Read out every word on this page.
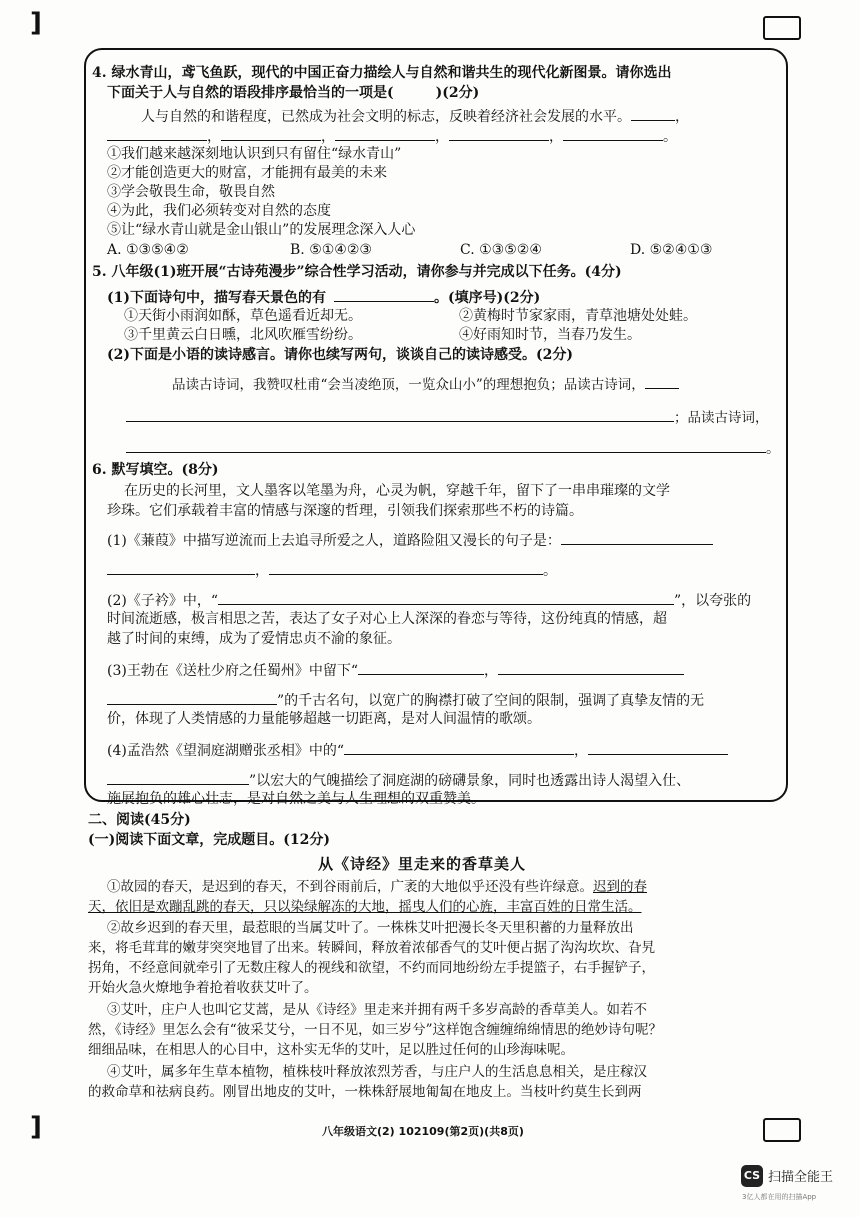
]
]
4. 绿水青山，鸢飞鱼跃，现代的中国正奋力描绘人与自然和谐共生的现代化新图景。请你选出
下面关于人与自然的语段排序最恰当的一项是(　　　)(2分)
人与自然的和谐程度，已然成为社会文明的标志，反映着经济社会发展的水平。	，
，	，	，	，	。
①我们越来越深刻地认识到只有留住“绿水青山”
②才能创造更大的财富，才能拥有最美的未来
③学会敬畏生命，敬畏自然
④为此，我们必须转变对自然的态度
⑤让“绿水青山就是金山银山”的发展理念深入人心
A. ①③⑤④②	B. ⑤①④②③	C. ①③⑤②④	D. ⑤②④①③
5. 八年级(1)班开展“古诗苑漫步”综合性学习活动，请你参与并完成以下任务。(4分)
(1)下面诗句中，描写春天景色的有	。(填序号)(2分)
①天街小雨润如酥，草色遥看近却无。	②黄梅时节家家雨，青草池塘处处蛙。
③千里黄云白日曛，北风吹雁雪纷纷。	④好雨知时节，当春乃发生。
(2)下面是小语的读诗感言。请你也续写两句，谈谈自己的读诗感受。(2分)
品读古诗词，我赞叹杜甫“会当凌绝顶，一览众山小”的理想抱负；品读古诗词，
；品读古诗词，
。
6. 默写填空。(8分)
在历史的长河里，文人墨客以笔墨为舟，心灵为帆，穿越千年，留下了一串串璀璨的文学
珍珠。它们承载着丰富的情感与深邃的哲理，引领我们探索那些不朽的诗篇。
(1)《蒹葭》中描写逆流而上去追寻所爱之人，道路险阻又漫长的句子是：
，	。
(2)《子衿》中，“	”，以夸张的
时间流逝感，极言相思之苦，表达了女子对心上人深深的眷恋与等待，这份纯真的情感，超
越了时间的束缚，成为了爱情忠贞不渝的象征。
(3)王勃在《送杜少府之任蜀州》中留下“	，
”的千古名句，以宽广的胸襟打破了空间的限制，强调了真挚友情的无
价，体现了人类情感的力量能够超越一切距离，是对人间温情的歌颂。
(4)孟浩然《望洞庭湖赠张丞相》中的“	，
”以宏大的气魄描绘了洞庭湖的磅礴景象，同时也透露出诗人渴望入仕、
施展抱负的雄心壮志，是对自然之美与人生理想的双重赞美。
二、阅读(45分)
(一)阅读下面文章，完成题目。(12分)
从《诗经》里走来的香草美人
①故园的春天，是迟到的春天，不到谷雨前后，广袤的大地似乎还没有些许绿意。迟到的春
天，依旧是欢蹦乱跳的春天，只以染绿解冻的大地，摇曳人们的心旌，丰富百姓的日常生活。
②故乡迟到的春天里，最惹眼的当属艾叶了。一株株艾叶把漫长冬天里积蓄的力量释放出
来，将毛茸茸的嫩芽突突地冒了出来。转瞬间，释放着浓郁香气的艾叶便占据了沟沟坎坎、旮旯
拐角，不经意间就牵引了无数庄稼人的视线和欲望，不约而同地纷纷左手提篮子，右手握铲子，
开始火急火燎地争着抢着收获艾叶了。
③艾叶，庄户人也叫它艾蒿，是从《诗经》里走来并拥有两千多岁高龄的香草美人。如若不
然，《诗经》里怎么会有“彼采艾兮，一日不见，如三岁兮”这样饱含缠缠绵绵情思的绝妙诗句呢？
细细品味，在相思人的心目中，这朴实无华的艾叶，足以胜过任何的山珍海味呢。
④艾叶，属多年生草本植物，植株枝叶释放浓烈芳香，与庄户人的生活息息相关，是庄稼汉
的救命草和祛病良药。刚冒出地皮的艾叶，一株株舒展地匍匐在地皮上。当枝叶约莫生长到两
八年级语文(2) 102109(第2页)(共8页)
CS 扫描全能王
3亿人都在用的扫描App
